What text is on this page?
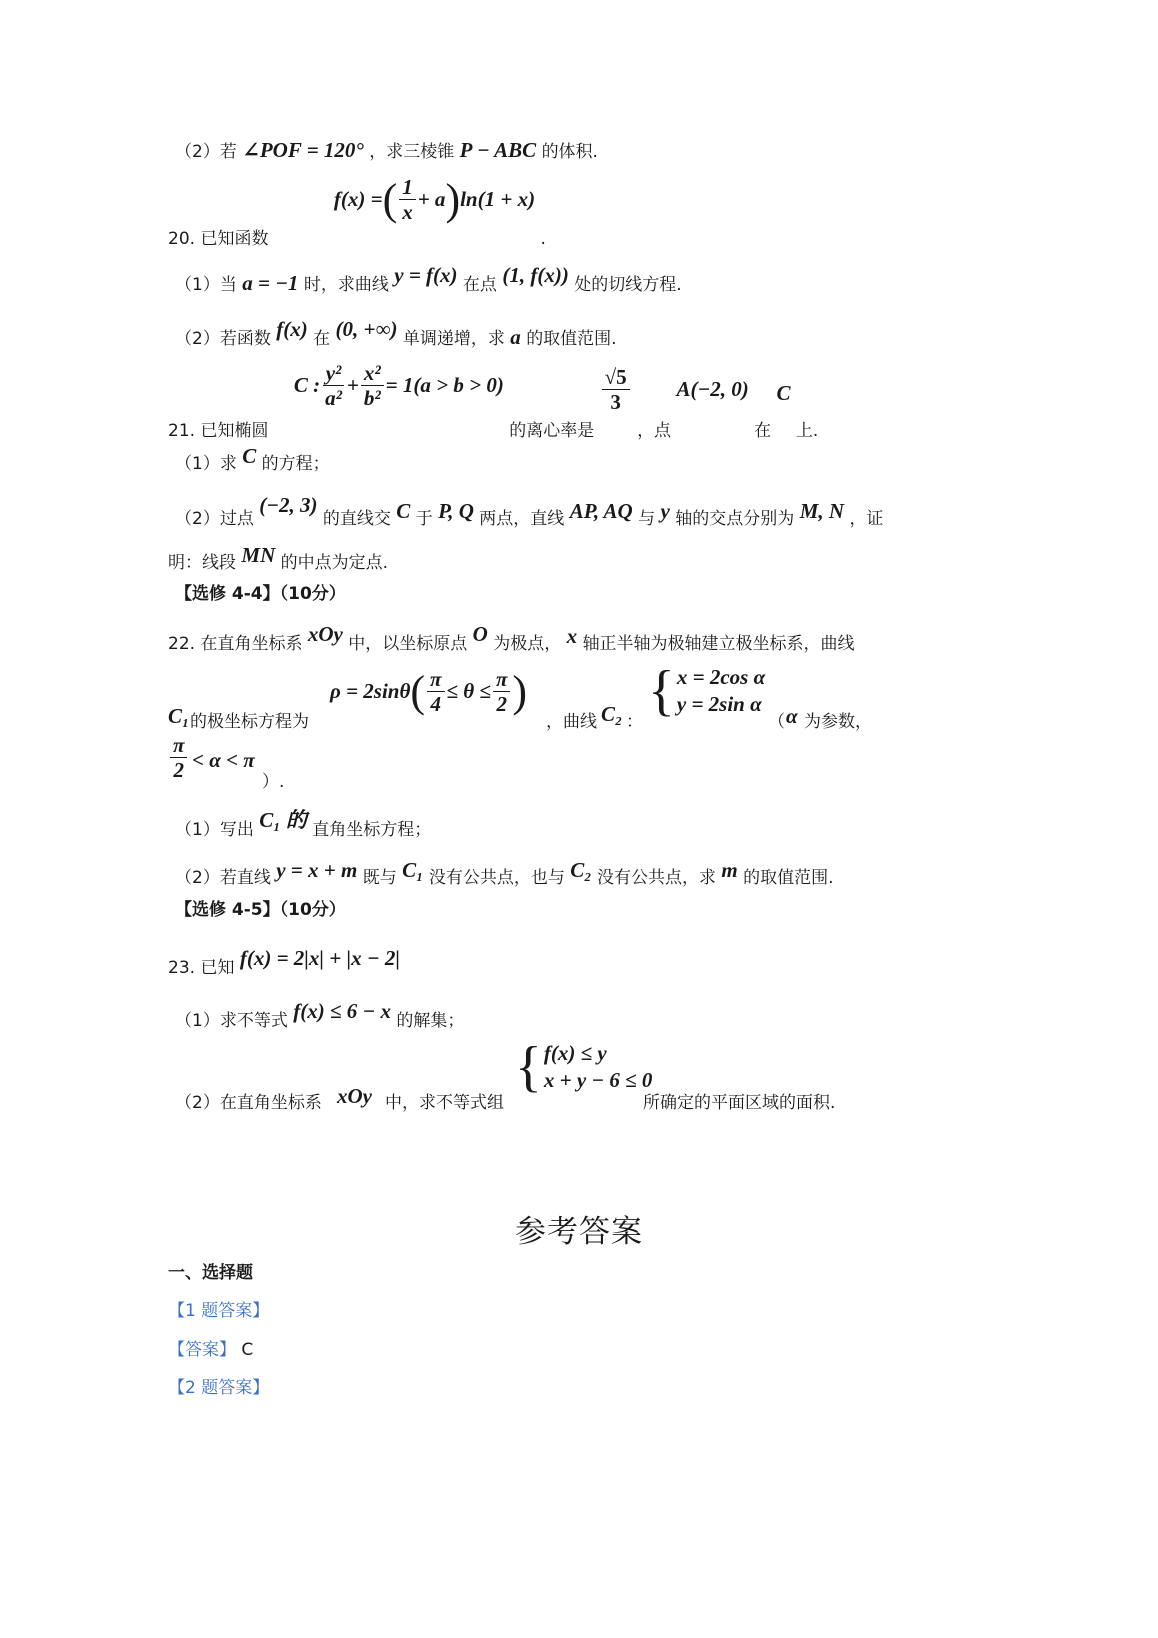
（2）若 ∠POF = 120° ，求三棱锥 P − ABC 的体积.
20. 已知函数
f(x) = ( $\frac{1}{x} + a$ ) ln(1 + x)
.
（1）当 a = −1 时，求曲线 y = f(x) 在点 (1, f(x)) 处的切线方程.
（2）若函数 f(x) 在 (0, +∞) 单调递增，求 a 的取值范围.
21. 已知椭圆
C : $\frac{\text{y²}}{\text{a²}} + \frac{\text{x²}}{\text{b²}} = 1(a > b > 0)$
的离心率是
$\frac{√5}{3}$
，点 A(−2, 0) 在 C 上.
（1）求 C 的方程；
（2）过点 (−2, 3) 的直线交 C 于 P, Q 两点，直线 AP, AQ 与 y 轴的交点分别为 M, N ，证
明：线段 MN 的中点为定点.
【选修 4-4】（10分）
22. 在直角坐标系 xOy 中，以坐标原点 O 为极点， x 轴正半轴为极轴建立极坐标系，曲线
C₁ 的极坐标方程为
ρ = 2sinθ ( $\frac{\pi}{4} \le \theta \le \frac{\pi}{2}$ )
，曲线 C₂ ： { x = 2cos α
y = 2sin α
（ α 为参数，
$\frac{\pi}{2} < \alpha < \pi$
）.
（1）写出 C₁ 的 直角坐标方程；
（2）若直线 y = x + m 既与 C₁ 没有公共点，也与 C₂ 没有公共点，求 m 的取值范围.
【选修 4-5】（10分）
23. 已知 f(x) = 2|x| + |x − 2|
（1）求不等式 f(x) ≤ 6 − x 的解集；
（2）在直角坐标系 xOy 中，求不等式组
{ f(x) ≤ y
x + y − 6 ≤ 0
所确定的平面区域的面积.
参考答案
一、选择题
【1 题答案】
【答案】 C
【2 题答案】
